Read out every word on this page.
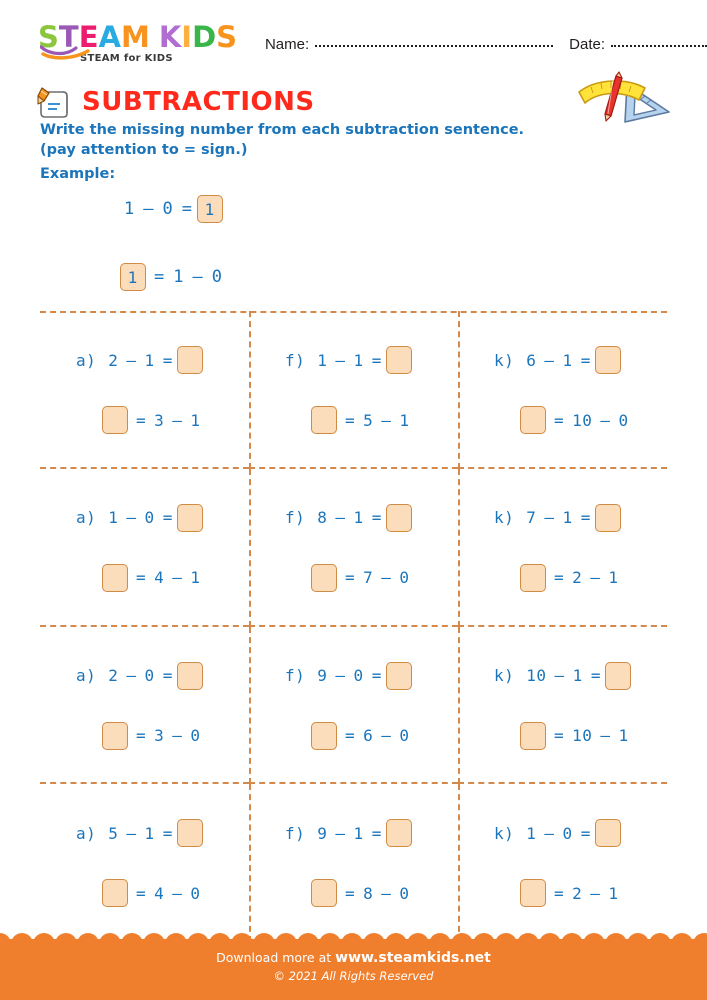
STEAM KIDS
STEAM for KIDS
Name:	Date:
SUBTRACTIONS
Write the missing number from each subtraction sentence.
(pay attention to = sign.)
Example:
1 – 0 = 1
1 = 1 – 0
a) 2 – 1 =
= 3 – 1
f) 1 – 1 =
= 5 – 1
k) 6 – 1 =
= 10 – 0
a) 1 – 0 =
= 4 – 1
f) 8 – 1 =
= 7 – 0
k) 7 – 1 =
= 2 – 1
a) 2 – 0 =
= 3 – 0
f) 9 – 0 =
= 6 – 0
k) 10 – 1 =
= 10 – 1
a) 5 – 1 =
= 4 – 0
f) 9 – 1 =
= 8 – 0
k) 1 – 0 =
= 2 – 1
Download more at www.steamkids.net
© 2021 All Rights Reserved
